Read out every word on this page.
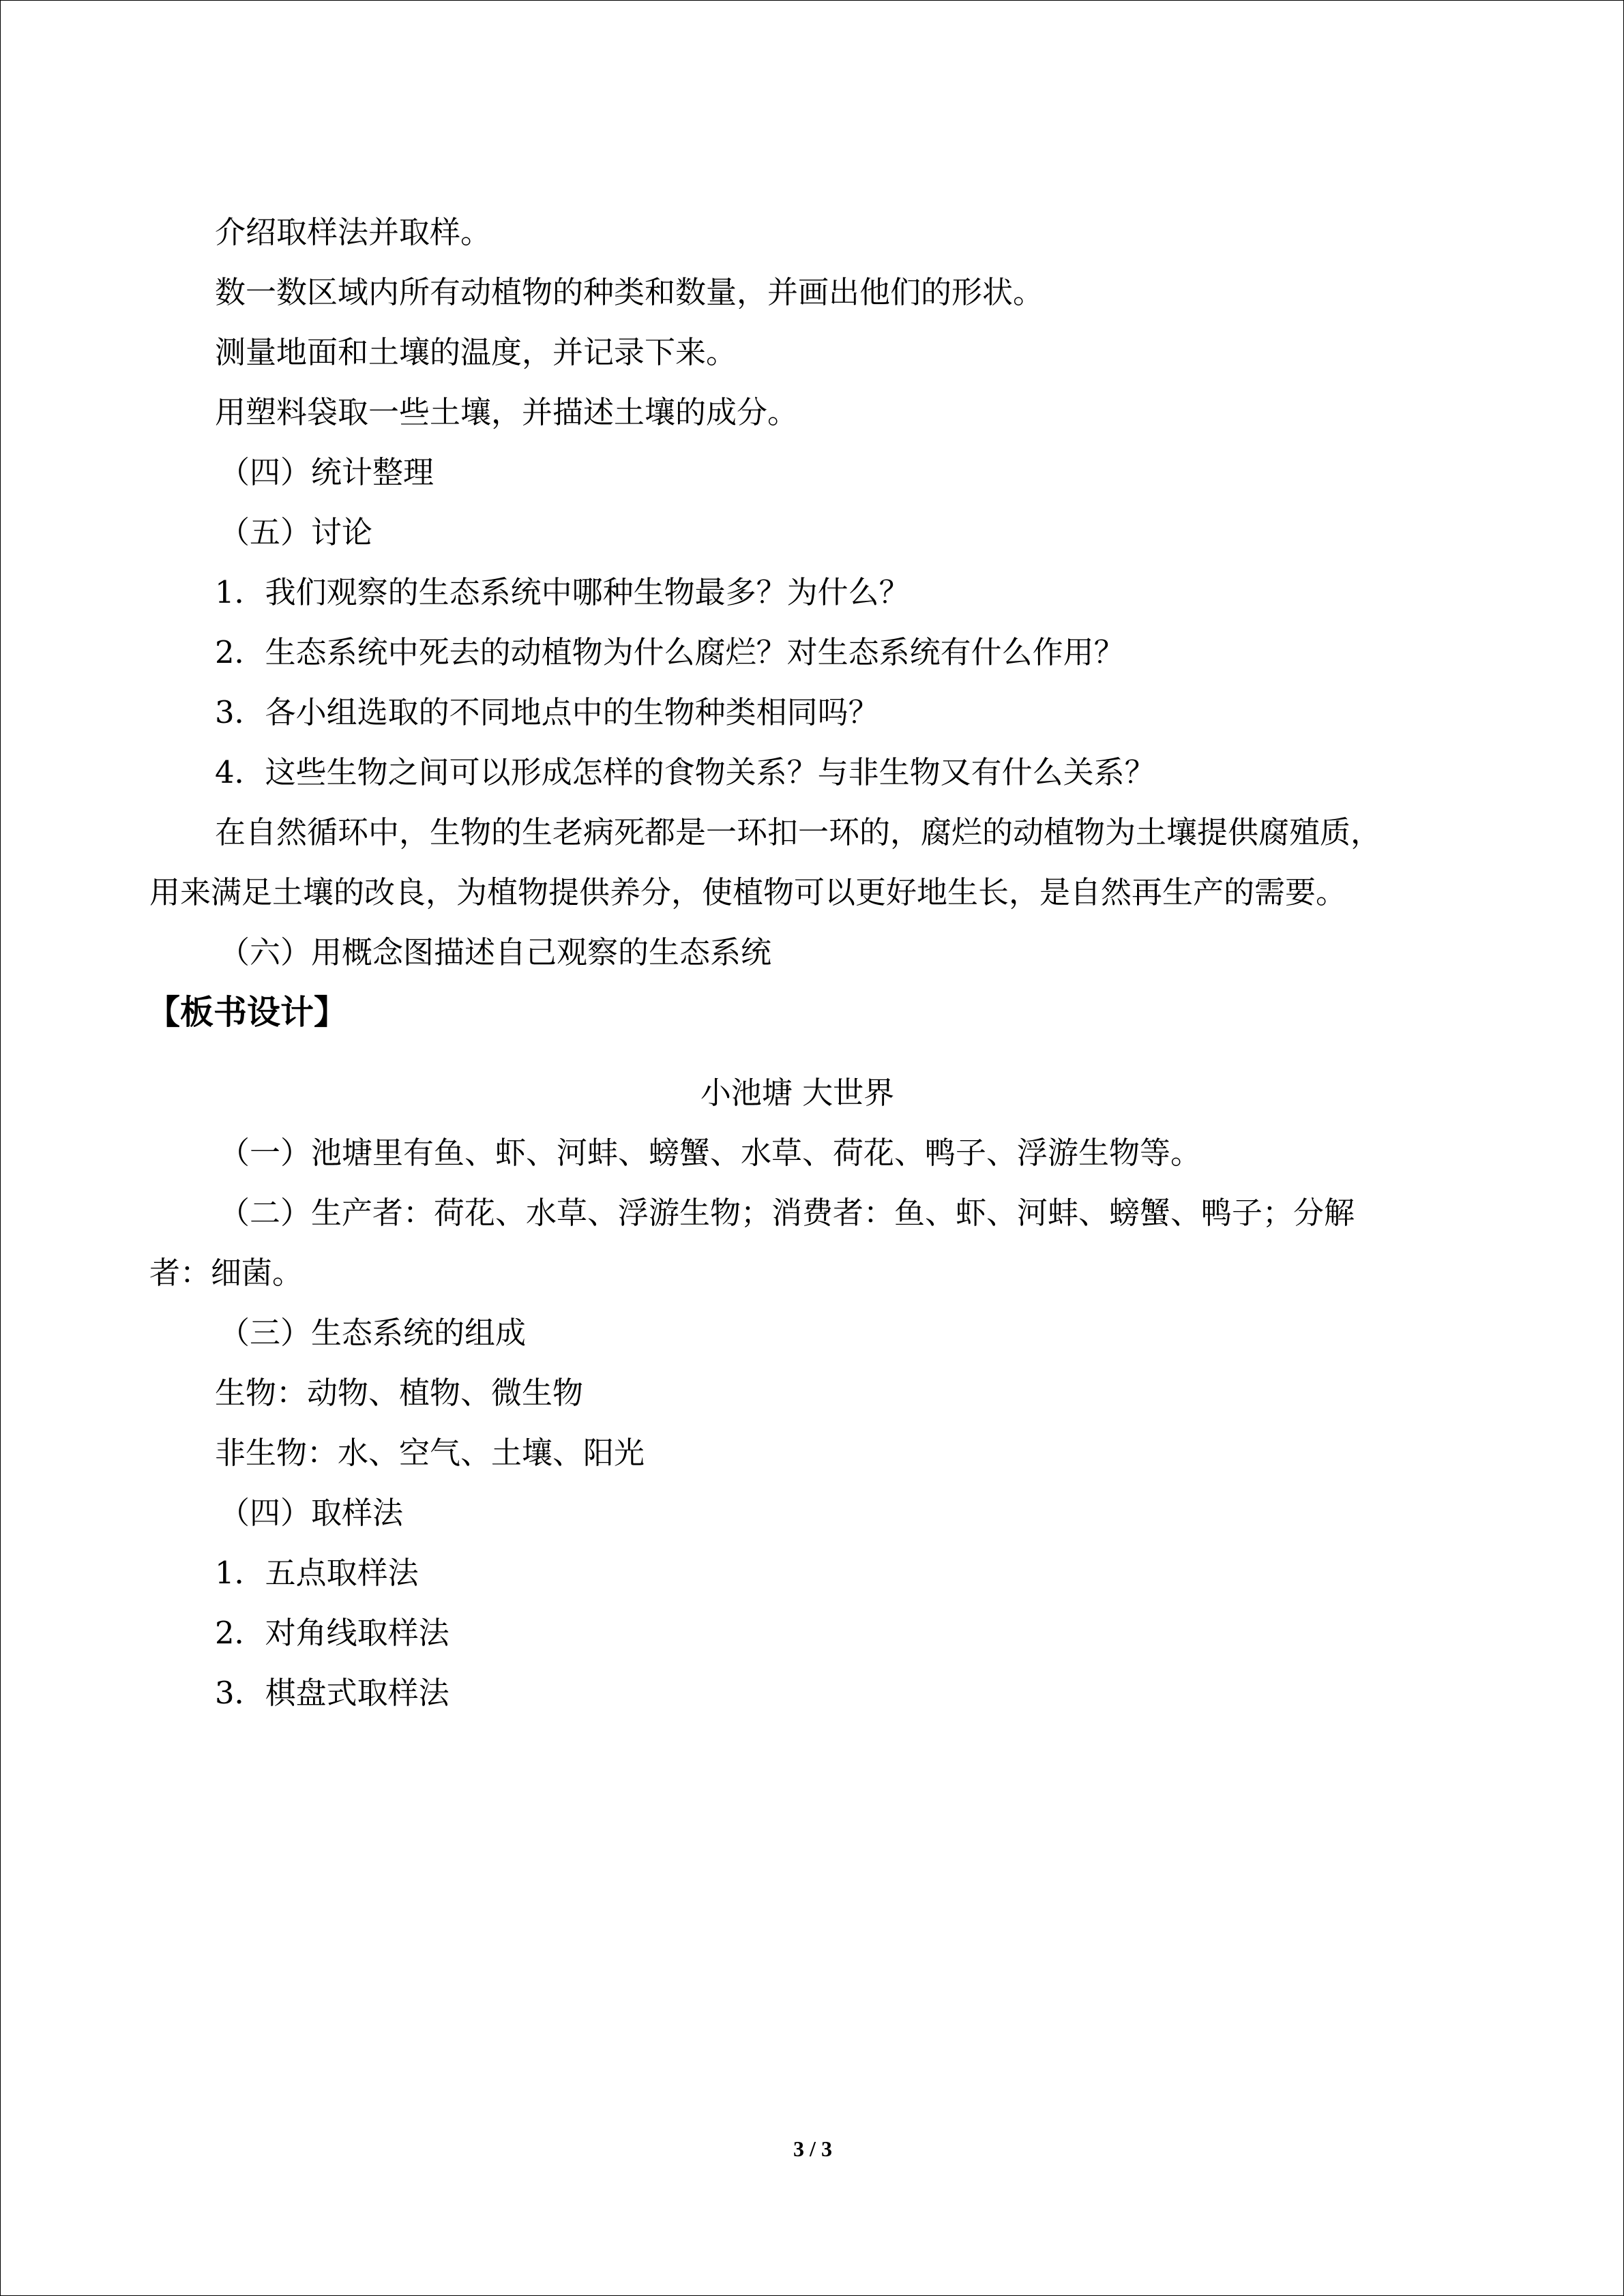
介绍取样法并取样。
数一数区域内所有动植物的种类和数量，并画出他们的形状。
测量地面和土壤的温度，并记录下来。
用塑料袋取一些土壤，并描述土壤的成分。
（四）统计整理
（五）讨论
1．我们观察的生态系统中哪种生物最多？为什么？
2．生态系统中死去的动植物为什么腐烂？对生态系统有什么作用？
3．各小组选取的不同地点中的生物种类相同吗？
4．这些生物之间可以形成怎样的食物关系？与非生物又有什么关系？
在自然循环中，生物的生老病死都是一环扣一环的，腐烂的动植物为土壤提供腐殖质，
用来满足土壤的改良，为植物提供养分，使植物可以更好地生长，是自然再生产的需要。
（六）用概念图描述自己观察的生态系统
【板书设计】
小池塘 大世界
（一）池塘里有鱼、虾、河蚌、螃蟹、水草、荷花、鸭子、浮游生物等。
（二）生产者：荷花、水草、浮游生物；消费者：鱼、虾、河蚌、螃蟹、鸭子；分解
者：细菌。
（三）生态系统的组成
生物：动物、植物、微生物
非生物：水、空气、土壤、阳光
（四）取样法
1．五点取样法
2．对角线取样法
3．棋盘式取样法
3 / 3
